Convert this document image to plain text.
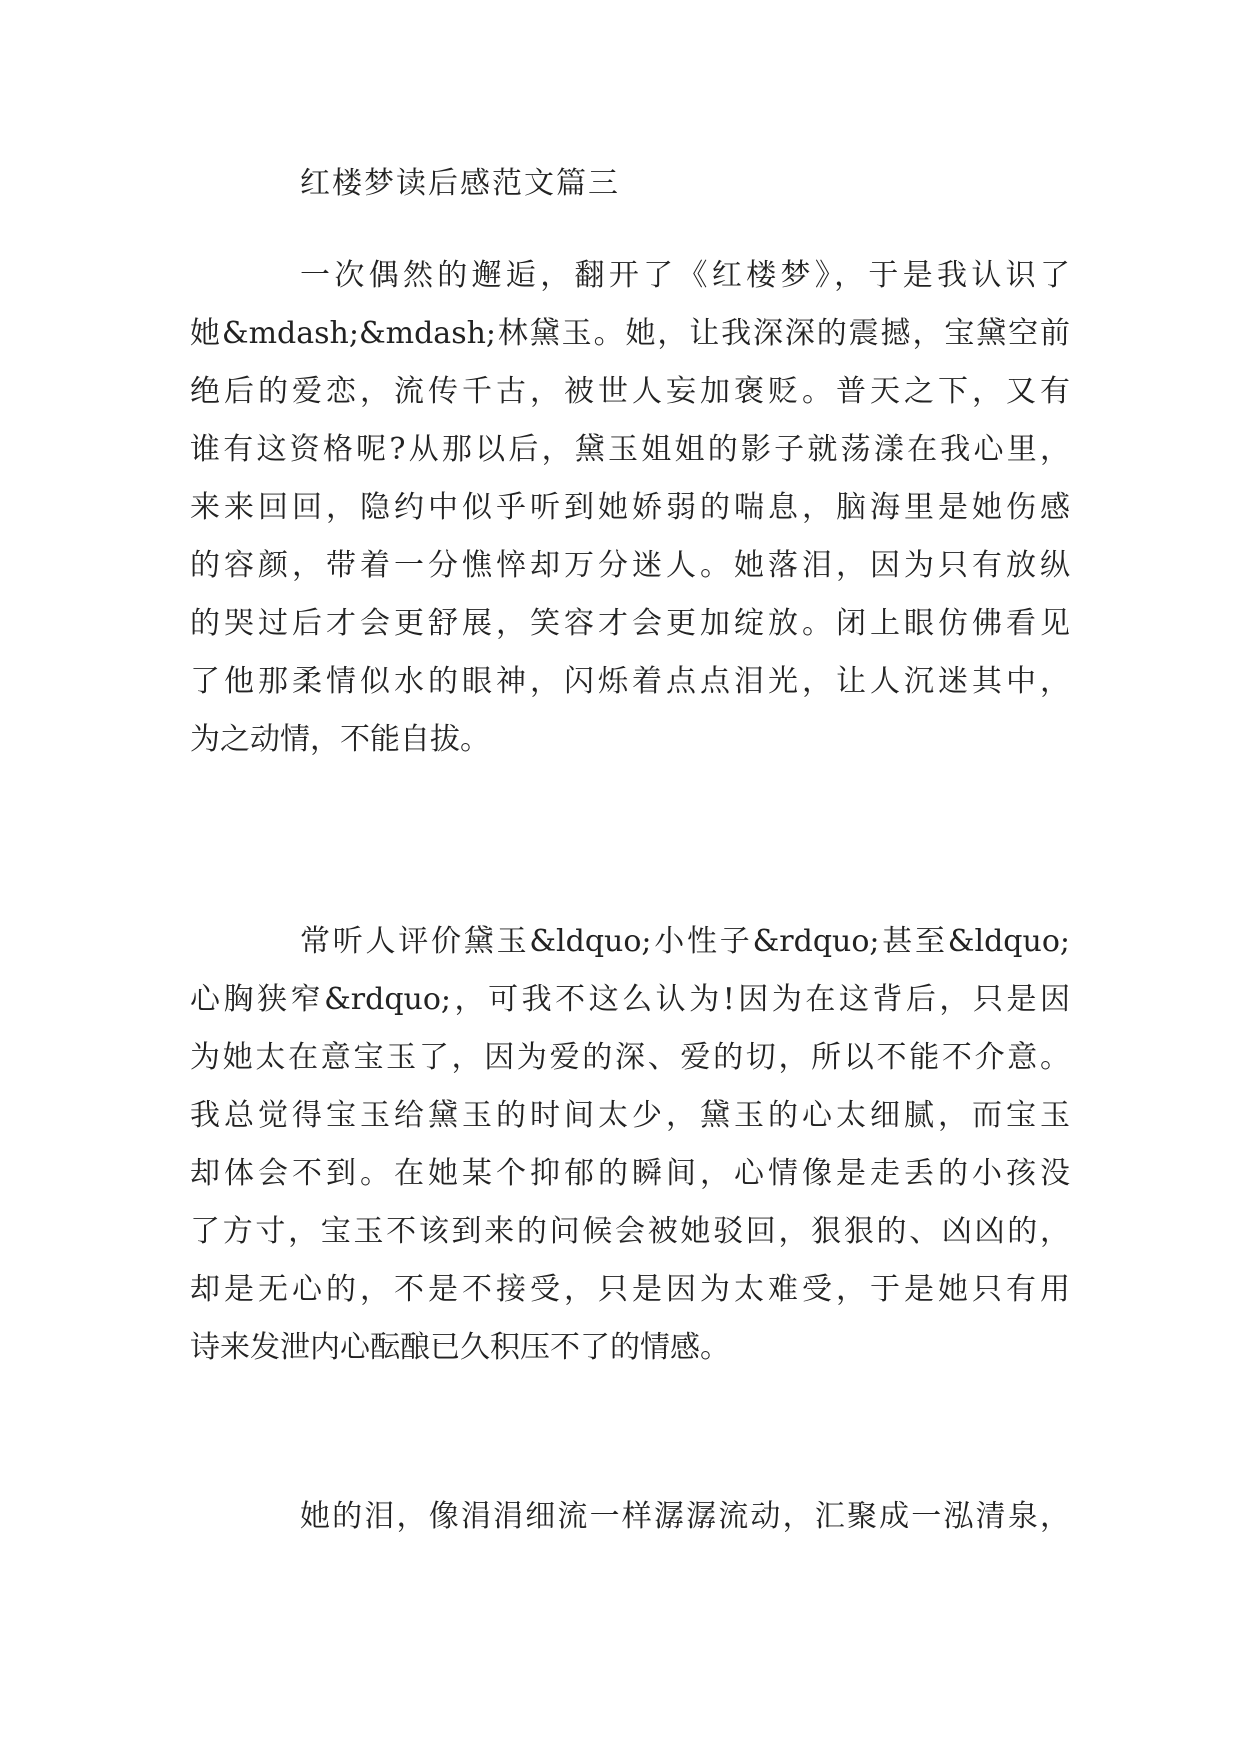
红楼梦读后感范文篇三
一次偶然的邂逅，翻开了《红楼梦》，于是我认识了
她&mdash;&mdash;林黛玉。她，让我深深的震撼，宝黛空前
绝后的爱恋，流传千古，被世人妄加褒贬。普天之下，又有
谁有这资格呢?从那以后，黛玉姐姐的影子就荡漾在我心里，
来来回回，隐约中似乎听到她娇弱的喘息，脑海里是她伤感
的容颜，带着一分憔悴却万分迷人。她落泪，因为只有放纵
的哭过后才会更舒展，笑容才会更加绽放。闭上眼仿佛看见
了他那柔情似水的眼神，闪烁着点点泪光，让人沉迷其中，
为之动情，不能自拔。
常听人评价黛玉&ldquo;小性子&rdquo;甚至&ldquo;
心胸狭窄&rdquo;，可我不这么认为!因为在这背后，只是因
为她太在意宝玉了，因为爱的深、爱的切，所以不能不介意。
我总觉得宝玉给黛玉的时间太少，黛玉的心太细腻，而宝玉
却体会不到。在她某个抑郁的瞬间，心情像是走丢的小孩没
了方寸，宝玉不该到来的问候会被她驳回，狠狠的、凶凶的，
却是无心的，不是不接受，只是因为太难受，于是她只有用
诗来发泄内心酝酿已久积压不了的情感。
她的泪，像涓涓细流一样潺潺流动，汇聚成一泓清泉，
